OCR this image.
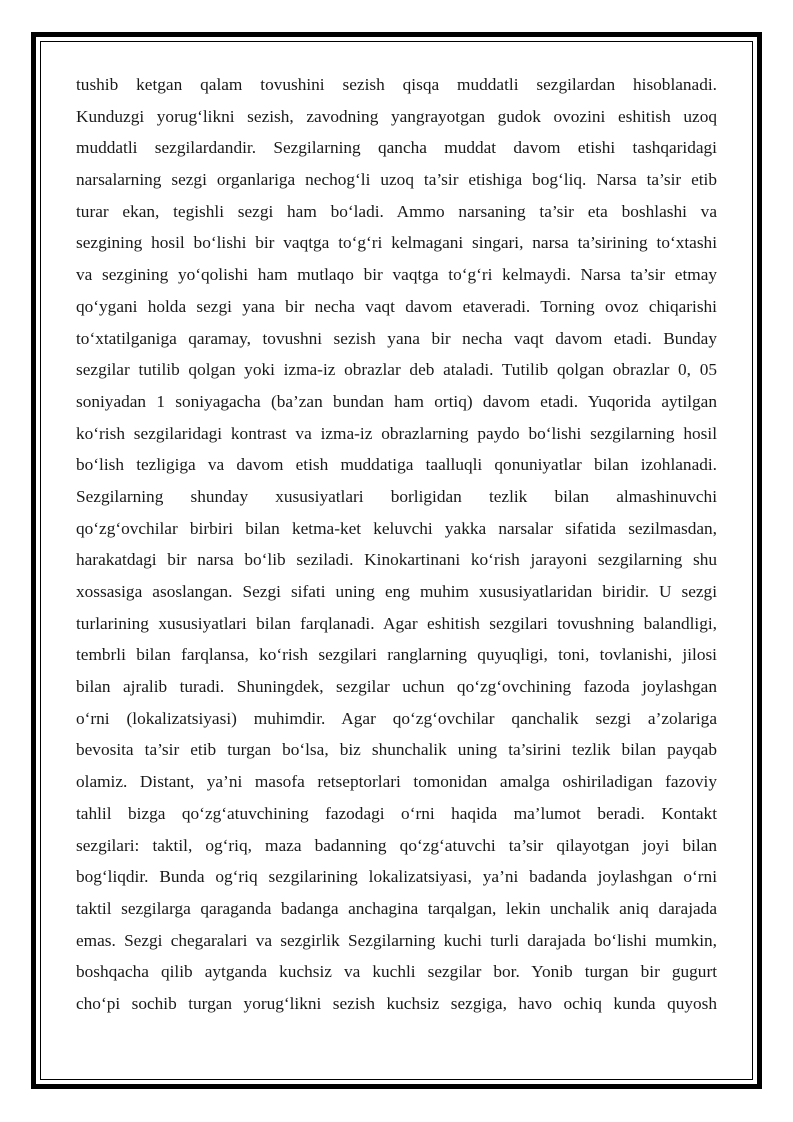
tushib ketgan qalam tovushini sezish qisqa muddatli sezgilardan hisoblanadi.
Kunduzgi yorug‘likni sezish, zavodning yangrayotgan gudok ovozini eshitish uzoq
muddatli sezgilardandir. Sezgilarning qancha muddat davom etishi tashqaridagi
narsalarning sezgi organlariga nechog‘li uzoq ta’sir etishiga bog‘liq. Narsa ta’sir etib
turar ekan, tegishli sezgi ham bo‘ladi. Ammo narsaning ta’sir eta boshlashi va
sezgining hosil bo‘lishi bir vaqtga to‘g‘ri kelmagani singari, narsa ta’sirining to‘xtashi
va sezgining yo‘qolishi ham mutlaqo bir vaqtga to‘g‘ri kelmaydi. Narsa ta’sir etmay
qo‘ygani holda sezgi yana bir necha vaqt davom etaveradi. Torning ovoz chiqarishi
to‘xtatilganiga qaramay, tovushni sezish yana bir necha vaqt davom etadi. Bunday
sezgilar tutilib qolgan yoki izma-iz obrazlar deb ataladi. Tutilib qolgan obrazlar 0, 05
soniyadan 1 soniyagacha (ba’zan bundan ham ortiq) davom etadi. Yuqorida aytilgan
ko‘rish sezgilaridagi kontrast va izma-iz obrazlarning paydo bo‘lishi sezgilarning hosil
bo‘lish tezligiga va davom etish muddatiga taalluqli qonuniyatlar bilan izohlanadi.
Sezgilarning shunday xususiyatlari borligidan tezlik bilan almashinuvchi
qo‘zg‘ovchilar birbiri bilan ketma-ket keluvchi yakka narsalar sifatida sezilmasdan,
harakatdagi bir narsa bo‘lib seziladi. Kinokartinani ko‘rish jarayoni sezgilarning shu
xossasiga asoslangan. Sezgi sifati uning eng muhim xususiyatlaridan biridir. U sezgi
turlarining xususiyatlari bilan farqlanadi. Agar eshitish sezgilari tovushning balandligi,
tembrli bilan farqlansa, ko‘rish sezgilari ranglarning quyuqligi, toni, tovlanishi, jilosi
bilan ajralib turadi. Shuningdek, sezgilar uchun qo‘zg‘ovchining fazoda joylashgan
o‘rni (lokalizatsiyasi) muhimdir. Agar qo‘zg‘ovchilar qanchalik sezgi a’zolariga
bevosita ta’sir etib turgan bo‘lsa, biz shunchalik uning ta’sirini tezlik bilan payqab
olamiz. Distant, ya’ni masofa retseptorlari tomonidan amalga oshiriladigan fazoviy
tahlil bizga qo‘zg‘atuvchining fazodagi o‘rni haqida ma’lumot beradi. Kontakt
sezgilari: taktil, og‘riq, maza badanning qo‘zg‘atuvchi ta’sir qilayotgan joyi bilan
bog‘liqdir. Bunda og‘riq sezgilarining lokalizatsiyasi, ya’ni badanda joylashgan o‘rni
taktil sezgilarga qaraganda badanga anchagina tarqalgan, lekin unchalik aniq darajada
emas. Sezgi chegaralari va sezgirlik Sezgilarning kuchi turli darajada bo‘lishi mumkin,
boshqacha qilib aytganda kuchsiz va kuchli sezgilar bor. Yonib turgan bir gugurt
cho‘pi sochib turgan yorug‘likni sezish kuchsiz sezgiga, havo ochiq kunda quyosh
